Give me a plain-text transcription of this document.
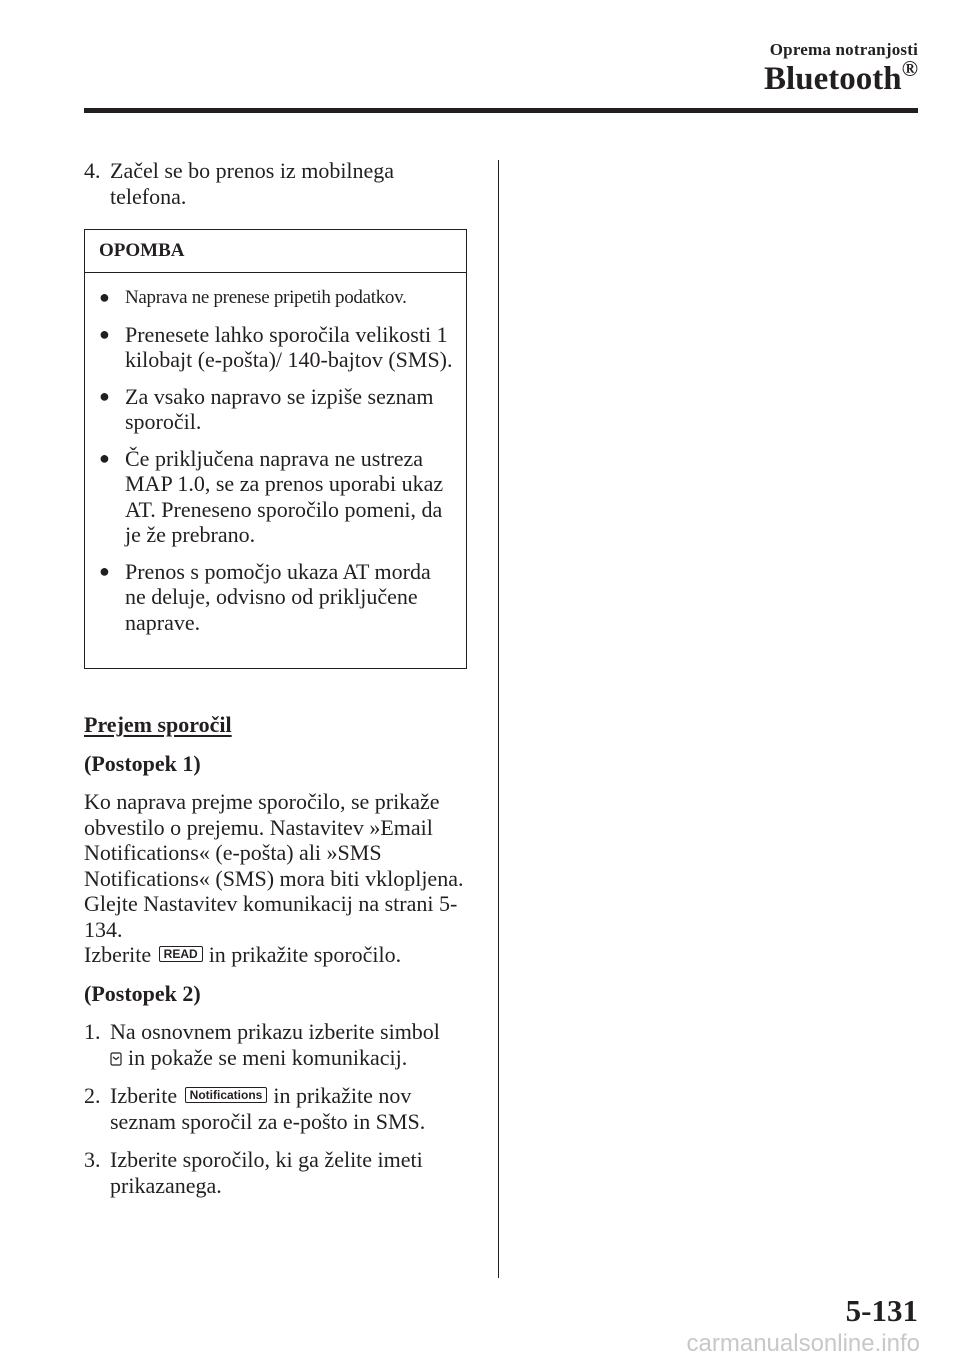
Oprema notranjosti
Bluetooth®
4. Začel se bo prenos iz mobilnega telefona.
OPOMBA
● Naprava ne prenese pripetih podatkov.
● Prenesete lahko sporočila velikosti 1 kilobajt (e-pošta)/ 140-bajtov (SMS).
● Za vsako napravo se izpiše seznam sporočil.
● Če priključena naprava ne ustreza MAP 1.0, se za prenos uporabi ukaz AT. Preneseno sporočilo pomeni, da je že prebrano.
● Prenos s pomočjo ukaza AT morda ne deluje, odvisno od priključene naprave.

Prejem sporočil

(Postopek 1)

Ko naprava prejme sporočilo, se prikaže obvestilo o prejemu. Nastavitev »Email Notifications« (e-pošta) ali »SMS Notifications« (SMS) mora biti vklopljena. Glejte Nastavitev komunikacij na strani 5-134.

Izberite READ in prikažite sporočilo.

(Postopek 2)

1. Na osnovnem prikazu izberite simbol
in pokaže se meni komunikacij.
2. Izberite Notifications in prikažite nov seznam sporočil za e-pošto in SMS.
3. Izberite sporočilo, ki ga želite imeti prikazanega.
5-131
carmanualsonline.info
